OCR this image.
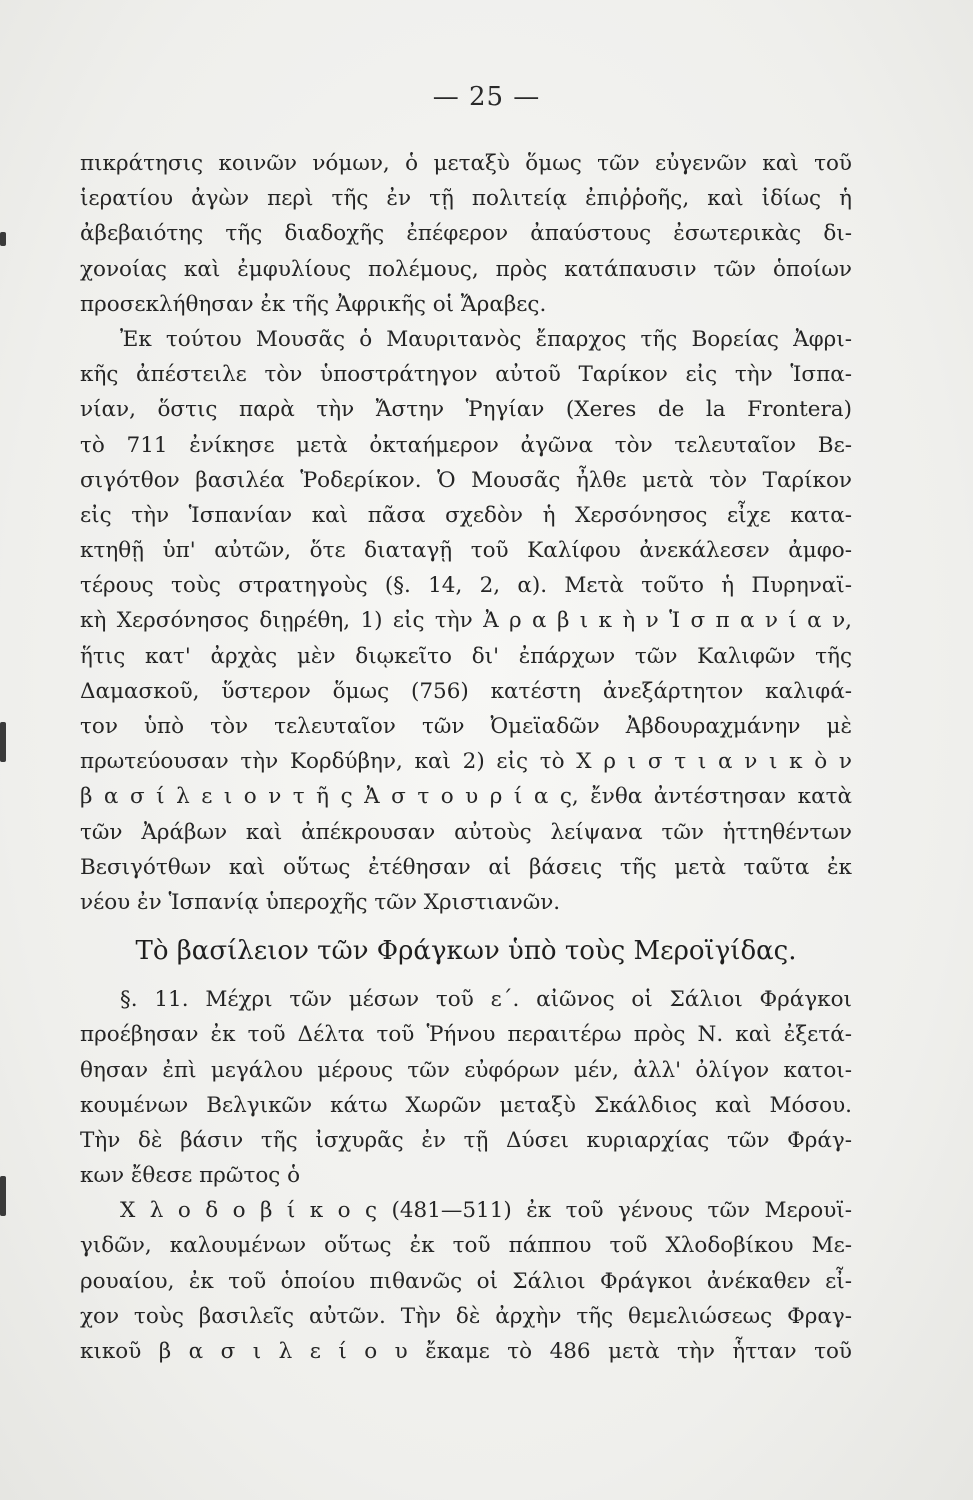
— 25 —
πικράτησις κοινῶν νόμων, ὁ μεταξὺ ὅμως τῶν εὐγενῶν καὶ τοῦ
ἱερατίου ἀγὼν περὶ τῆς ἐν τῇ πολιτείᾳ ἐπιῤῥοῆς, καὶ ἰδίως ἡ
ἀβεβαιότης τῆς διαδοχῆς ἐπέφερον ἀπαύστους ἐσωτερικὰς δι-
χονοίας καὶ ἐμφυλίους πολέμους, πρὸς κατάπαυσιν τῶν ὁποίων
προσεκλήθησαν ἐκ τῆς Ἀφρικῆς οἱ Ἄραβες.
Ἐκ τούτου Μουσᾶς ὁ Μαυριτανὸς ἔπαρχος τῆς Βορείας Ἀφρι-
κῆς ἀπέστειλε τὸν ὑποστράτηγον αὐτοῦ Ταρίκον εἰς τὴν Ἱσπα-
νίαν, ὅστις παρὰ τὴν Ἄστην Ῥηγίαν (Xeres de la Frontera)
τὸ 711 ἐνίκησε μετὰ ὀκταήμερον ἀγῶνα τὸν τελευταῖον Βε-
σιγότθον βασιλέα Ῥοδερίκον. Ὁ Μουσᾶς ἦλθε μετὰ τὸν Ταρίκον
εἰς τὴν Ἱσπανίαν καὶ πᾶσα σχεδὸν ἡ Χερσόνησος εἶχε κατα-
κτηθῇ ὑπ' αὐτῶν, ὅτε διαταγῇ τοῦ Καλίφου ἀνεκάλεσεν ἀμφο-
τέρους τοὺς στρατηγοὺς (§. 14, 2, α). Μετὰ τοῦτο ἡ Πυρηναϊ-
κὴ Χερσόνησος διῃρέθη, 1) εἰς τὴν Ἀ ρ α β ι κ ὴ ν Ἱ σ π α ν ί α ν,
ἥτις κατ' ἀρχὰς μὲν διῳκεῖτο δι' ἐπάρχων τῶν Καλιφῶν τῆς
Δαμασκοῦ, ὕστερον ὅμως (756) κατέστη ἀνεξάρτητον καλιφά-
τον ὑπὸ τὸν τελευταῖον τῶν Ὀμεϊαδῶν Ἀβδουραχμάνην μὲ
πρωτεύουσαν τὴν Κορδύβην, καὶ 2) εἰς τὸ Χ ρ ι σ τ ι α ν ι κ ὸ ν
β α σ ί λ ε ι ο ν τ ῆ ς Ἀ σ τ ο υ ρ ί α ς, ἔνθα ἀντέστησαν κατὰ
τῶν Ἀράβων καὶ ἀπέκρουσαν αὐτοὺς λείψανα τῶν ἡττηθέντων
Βεσιγότθων καὶ οὕτως ἐτέθησαν αἱ βάσεις τῆς μετὰ ταῦτα ἐκ
νέου ἐν Ἱσπανίᾳ ὑπεροχῆς τῶν Χριστιανῶν.
Τὸ βασίλειον τῶν Φράγκων ὑπὸ τοὺς Μεροϊγίδας.
§. 11. Μέχρι τῶν μέσων τοῦ ε΄. αἰῶνος οἱ Σάλιοι Φράγκοι
προέβησαν ἐκ τοῦ Δέλτα τοῦ Ῥήνου περαιτέρω πρὸς Ν. καὶ ἐξετά-
θησαν ἐπὶ μεγάλου μέρους τῶν εὐφόρων μέν, ἀλλ' ὀλίγον κατοι-
κουμένων Βελγικῶν κάτω Χωρῶν μεταξὺ Σκάλδιος καὶ Μόσου.
Τὴν δὲ βάσιν τῆς ἰσχυρᾶς ἐν τῇ Δύσει κυριαρχίας τῶν Φράγ-
κων ἔθεσε πρῶτος ὁ
Χ λ ο δ ο β ί κ ο ς (481—511) ἐκ τοῦ γένους τῶν Μερουϊ-
γιδῶν, καλουμένων οὕτως ἐκ τοῦ πάππου τοῦ Χλοδοβίκου Με-
ρουαίου, ἐκ τοῦ ὁποίου πιθανῶς οἱ Σάλιοι Φράγκοι ἀνέκαθεν εἶ-
χον τοὺς βασιλεῖς αὐτῶν. Τὴν δὲ ἀρχὴν τῆς θεμελιώσεως Φραγ-
κικοῦ β α σ ι λ ε ί ο υ ἔκαμε τὸ 486 μετὰ τὴν ἧτταν τοῦ
